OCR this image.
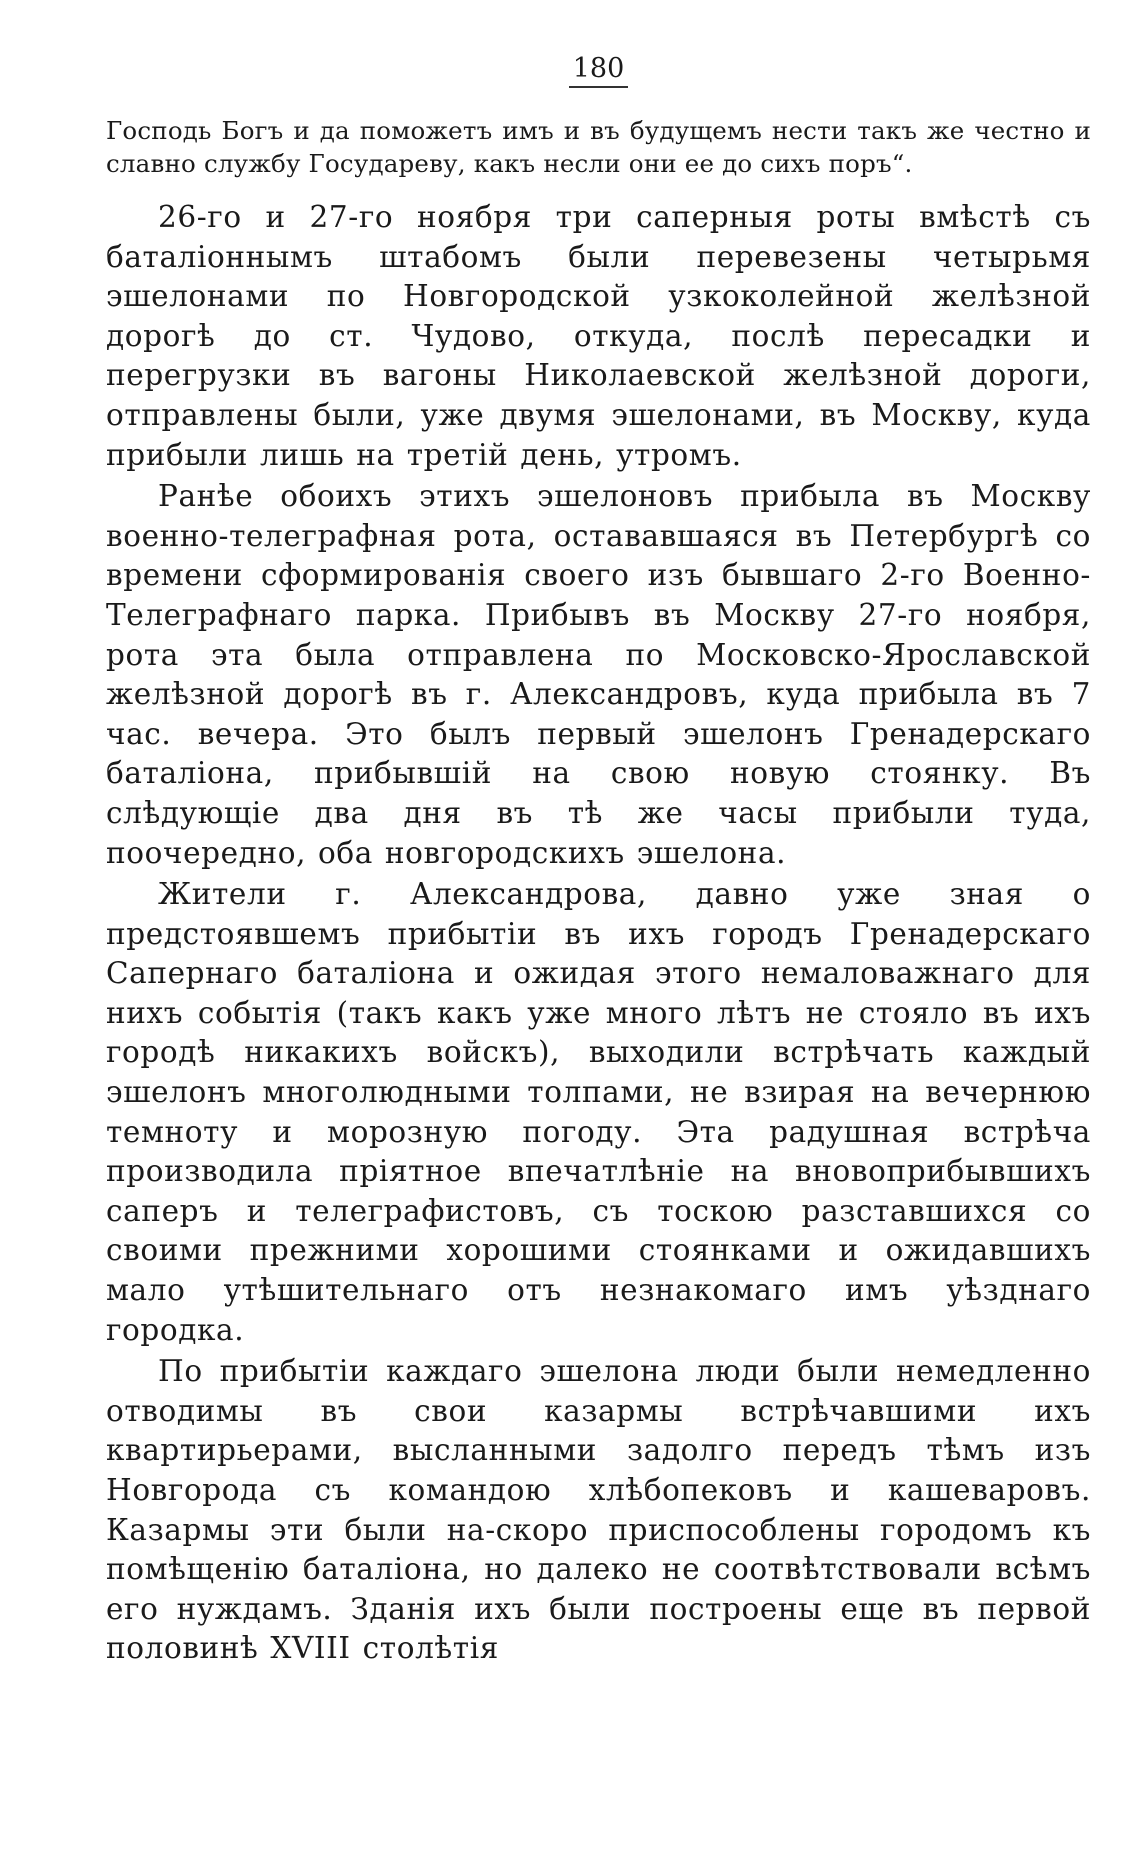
180

Господь Богъ и да поможетъ имъ и въ будущемъ нести такъ же честно и славно службу Государеву, какъ несли они ее до сихъ поръ“.

26-го и 27-го ноября три саперныя роты вмѣстѣ съ баталіоннымъ штабомъ были перевезены четырьмя эшелонами по Новгородской узкоколейной желѣзной дорогѣ до ст. Чудово, откуда, послѣ пересадки и перегрузки въ вагоны Николаевской желѣзной дороги, отправлены были, уже двумя эшелонами, въ Москву, куда прибыли лишь на третій день, утромъ.

Ранѣе обоихъ этихъ эшелоновъ прибыла въ Москву военно-телеграфная рота, остававшаяся въ Петербургѣ со времени сформированія своего изъ бывшаго 2-го Военно-Телеграфнаго парка. Прибывъ въ Москву 27-го ноября, рота эта была отправлена по Московско-Ярославской желѣзной дорогѣ въ г. Александровъ, куда прибыла въ 7 час. вечера. Это былъ первый эшелонъ Гренадерскаго баталіона, прибывшій на свою новую стоянку. Въ слѣдующіе два дня въ тѣ же часы прибыли туда, поочередно, оба новгородскихъ эшелона.

Жители г. Александрова, давно уже зная о предстоявшемъ прибытіи въ ихъ городъ Гренадерскаго Сапернаго баталіона и ожидая этого немаловажнаго для нихъ событія (такъ какъ уже много лѣтъ не стояло въ ихъ городѣ никакихъ войскъ), выходили встрѣчать каждый эшелонъ многолюдными толпами, не взирая на вечернюю темноту и морозную погоду. Эта радушная встрѣча производила пріятное впечатлѣніе на вновоприбывшихъ саперъ и телеграфистовъ, съ тоскою разставшихся со своими прежними хорошими стоянками и ожидавшихъ мало утѣшительнаго отъ незнакомаго имъ уѣзднаго городка.

По прибытіи каждаго эшелона люди были немедленно отводимы въ свои казармы встрѣчавшими ихъ квартирьерами, высланными задолго передъ тѣмъ изъ Новгорода съ командою хлѣбопековъ и кашеваровъ. Казармы эти были на-скоро приспособлены городомъ къ помѣщенію баталіона, но далеко не соотвѣтствовали всѣмъ его нуждамъ. Зданія ихъ были построены еще въ первой половинѣ XVIII столѣтія
